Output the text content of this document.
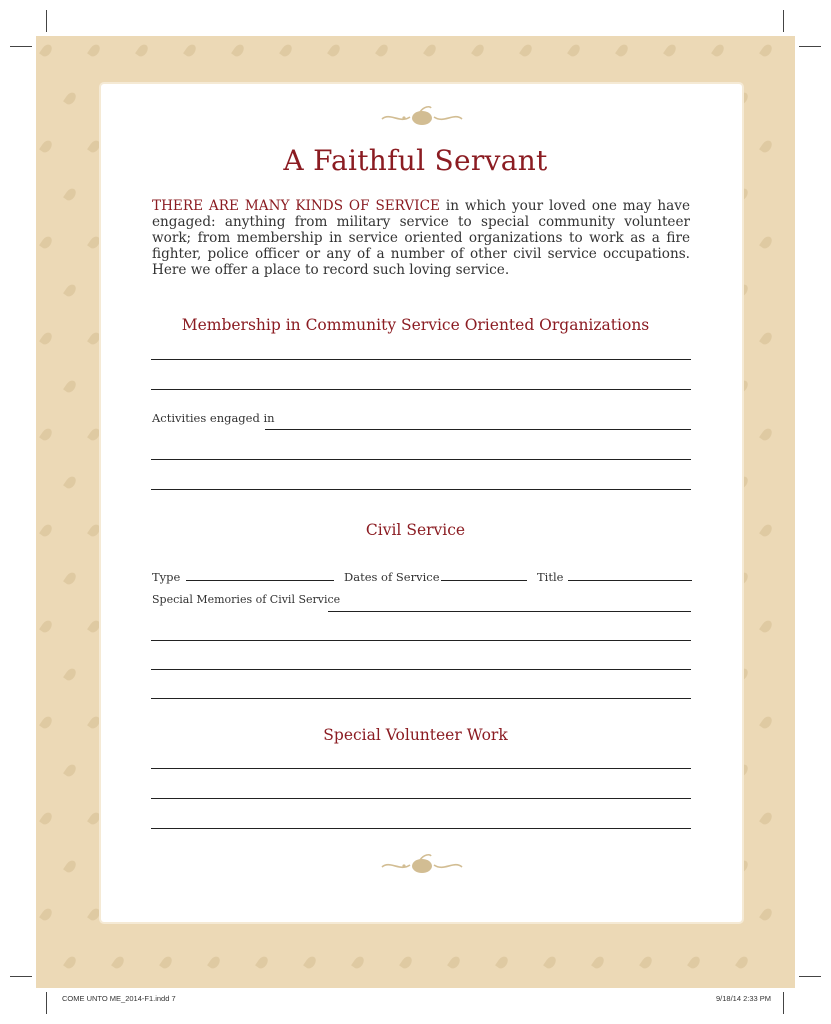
A Faithful Servant

THERE ARE MANY KINDS OF SERVICE in which your loved one may have engaged: anything from military service to special community volunteer work; from membership in service oriented organizations to work as a fire fighter, police officer or any of a number of other civil service occupations. Here we offer a place to record such loving service.

Membership in Community Service Oriented Organizations
Activities engaged in
Civil Service
Type	Dates of Service	Title
Special Memories of Civil Service
Special Volunteer Work
COME UNTO ME_2014-F1.indd 7	9/18/14 2:33 PM
